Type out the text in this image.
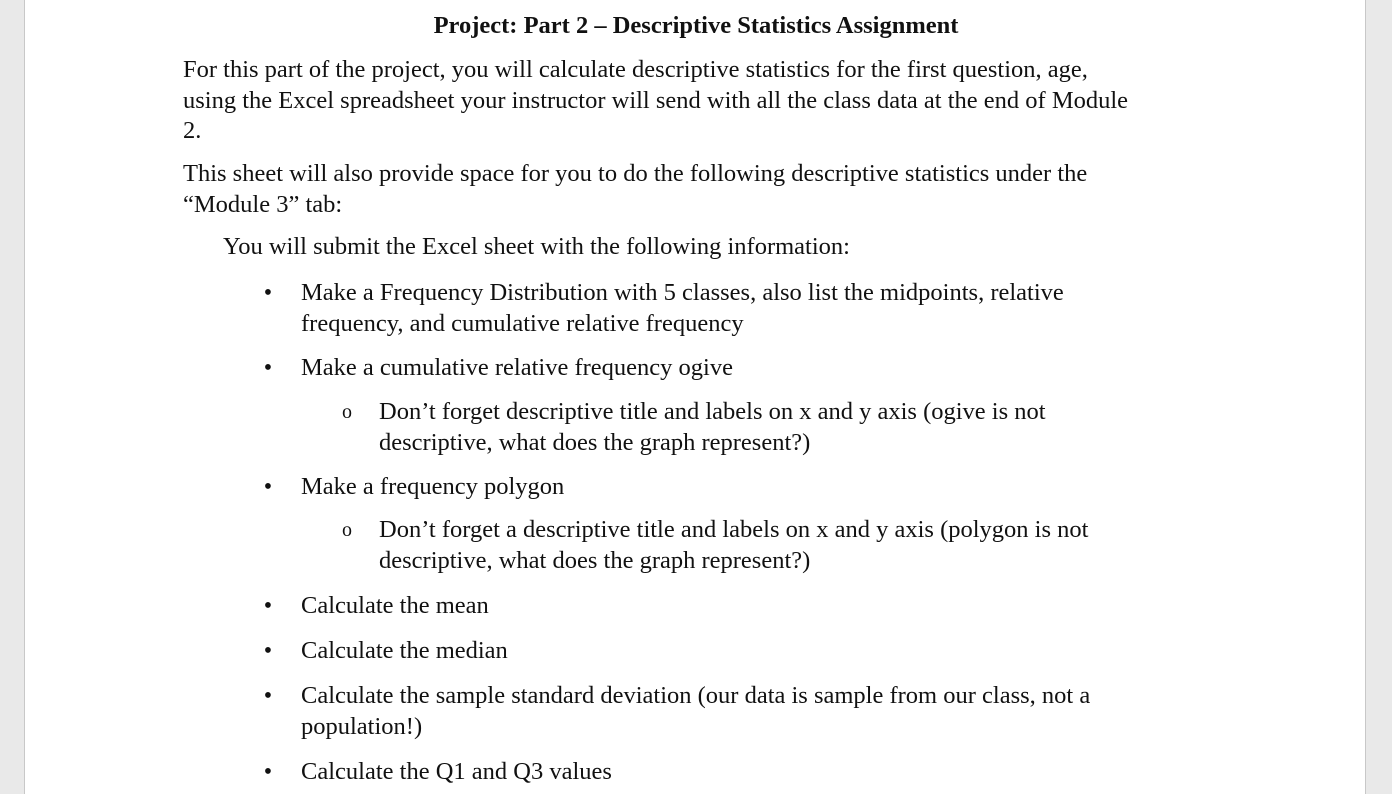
Project: Part 2 – Descriptive Statistics Assignment
For this part of the project, you will calculate descriptive statistics for the first question, age,
using the Excel spreadsheet your instructor will send with all the class data at the end of Module
2.
This sheet will also provide space for you to do the following descriptive statistics under the
“Module 3” tab:
You will submit the Excel sheet with the following information:
•	Make a Frequency Distribution with 5 classes, also list the midpoints, relative
frequency, and cumulative relative frequency
•	Make a cumulative relative frequency ogive
o	Don’t forget descriptive title and labels on x and y axis (ogive is not
descriptive, what does the graph represent?)
•	Make a frequency polygon
o	Don’t forget a descriptive title and labels on x and y axis (polygon is not
descriptive, what does the graph represent?)
•	Calculate the mean
•	Calculate the median
•	Calculate the sample standard deviation (our data is sample from our class, not a
population!)
•	Calculate the Q1 and Q3 values
